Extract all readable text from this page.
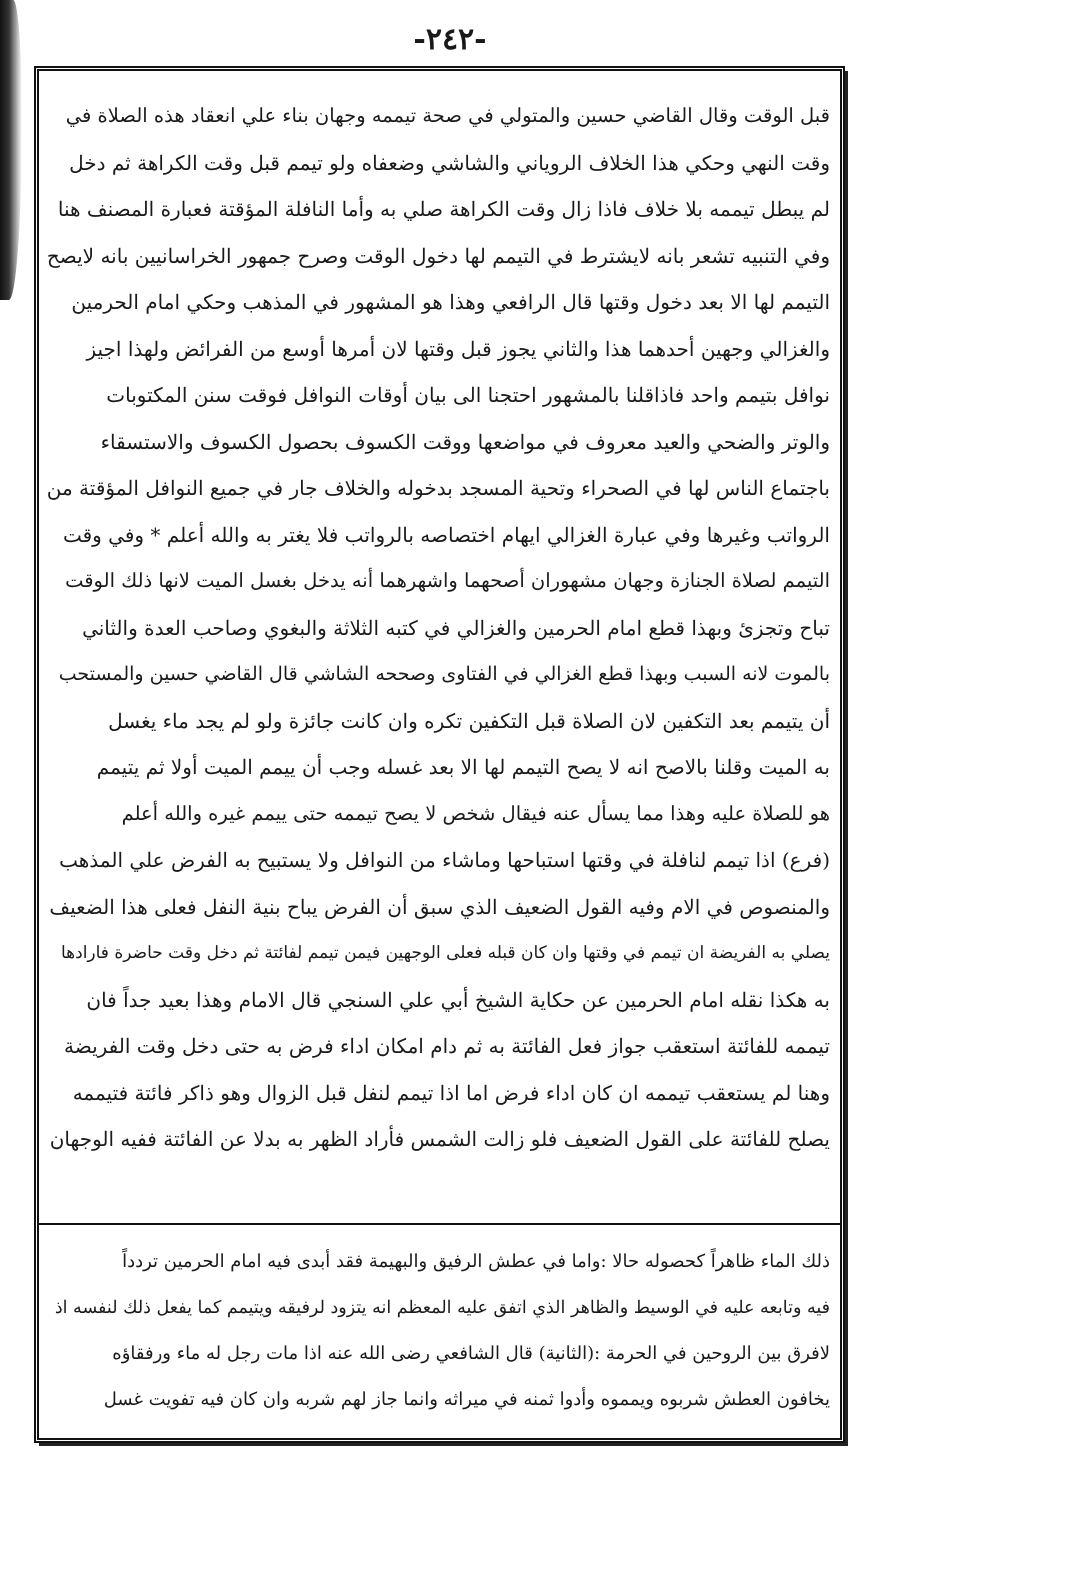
-٢٤٢-
قبل الوقت وقال القاضي حسين والمتولي في صحة تيممه وجهان بناء علي انعقاد هذه الصلاة في
وقت النهي وحكي هذا الخلاف الروياني والشاشي وضعفاه ولو تيمم قبل وقت الكراهة ثم دخل
لم يبطل تيممه بلا خلاف فاذا زال وقت الكراهة صلي به وأما النافلة المؤقتة فعبارة المصنف هنا
وفي التنبيه تشعر بانه لايشترط في التيمم لها دخول الوقت وصرح جمهور الخراسانيين بانه لايصح
التيمم لها الا بعد دخول وقتها قال الرافعي وهذا هو المشهور في المذهب وحكي امام الحرمين
والغزالي وجهين أحدهما هذا والثاني يجوز قبل وقتها لان أمرها أوسع من الفرائض ولهذا اجيز
نوافل بتيمم واحد فاذاقلنا بالمشهور احتجنا الى بيان أوقات النوافل فوقت سنن المكتوبات
والوتر والضحي والعيد معروف في مواضعها ووقت الكسوف بحصول الكسوف والاستسقاء
باجتماع الناس لها في الصحراء وتحية المسجد بدخوله والخلاف جار في جميع النوافل المؤقتة من
الرواتب وغيرها وفي عبارة الغزالي ايهام اختصاصه بالرواتب فلا يغتر به والله أعلم * وفي وقت
التيمم لصلاة الجنازة وجهان مشهوران أصحهما واشهرهما أنه يدخل بغسل الميت لانها ذلك الوقت
تباح وتجزئ وبهذا قطع امام الحرمين والغزالي في كتبه الثلاثة والبغوي وصاحب العدة والثاني
بالموت لانه السبب وبهذا قطع الغزالي في الفتاوى وصححه الشاشي قال القاضي حسين والمستحب
أن يتيمم بعد التكفين لان الصلاة قبل التكفين تكره وان كانت جائزة ولو لم يجد ماء يغسل
به الميت وقلنا بالاصح انه لا يصح التيمم لها الا بعد غسله وجب أن ييمم الميت أولا ثم يتيمم
هو للصلاة عليه وهذا مما يسأل عنه فيقال شخص لا يصح تيممه حتى ييمم غيره والله أعلم
(فرع) اذا تيمم لنافلة في وقتها استباحها وماشاء من النوافل ولا يستبيح به الفرض علي المذهب
والمنصوص في الام وفيه القول الضعيف الذي سبق أن الفرض يباح بنية النفل فعلى هذا الضعيف
يصلي به الفريضة ان تيمم في وقتها وان كان قبله فعلى الوجهين فيمن تيمم لفائتة ثم دخل وقت حاضرة فارادها
به هكذا نقله امام الحرمين عن حكاية الشيخ أبي علي السنجي قال الامام وهذا بعيد جداً فان
تيممه للفائتة استعقب جواز فعل الفائتة به ثم دام امكان اداء فرض به حتى دخل وقت الفريضة
وهنا لم يستعقب تيممه ان كان اداء فرض اما اذا تيمم لنفل قبل الزوال وهو ذاكر فائتة فتيممه
يصلح للفائتة على القول الضعيف فلو زالت الشمس فأراد الظهر به بدلا عن الفائتة ففيه الوجهان
ذلك الماء ظاهراً كحصوله حالا :واما في عطش الرفيق والبهيمة فقد أبدى فيه امام الحرمين تردداً
فيه وتابعه عليه في الوسيط والظاهر الذي اتفق عليه المعظم انه يتزود لرفيقه ويتيمم كما يفعل ذلك لنفسه اذ
لافرق بين الروحين في الحرمة :(الثانية) قال الشافعي رضى الله عنه اذا مات رجل له ماء ورفقاؤه
يخافون العطش شربوه ويمموه وأدوا ثمنه في ميراثه وانما جاز لهم شربه وان كان فيه تفويت غسل
